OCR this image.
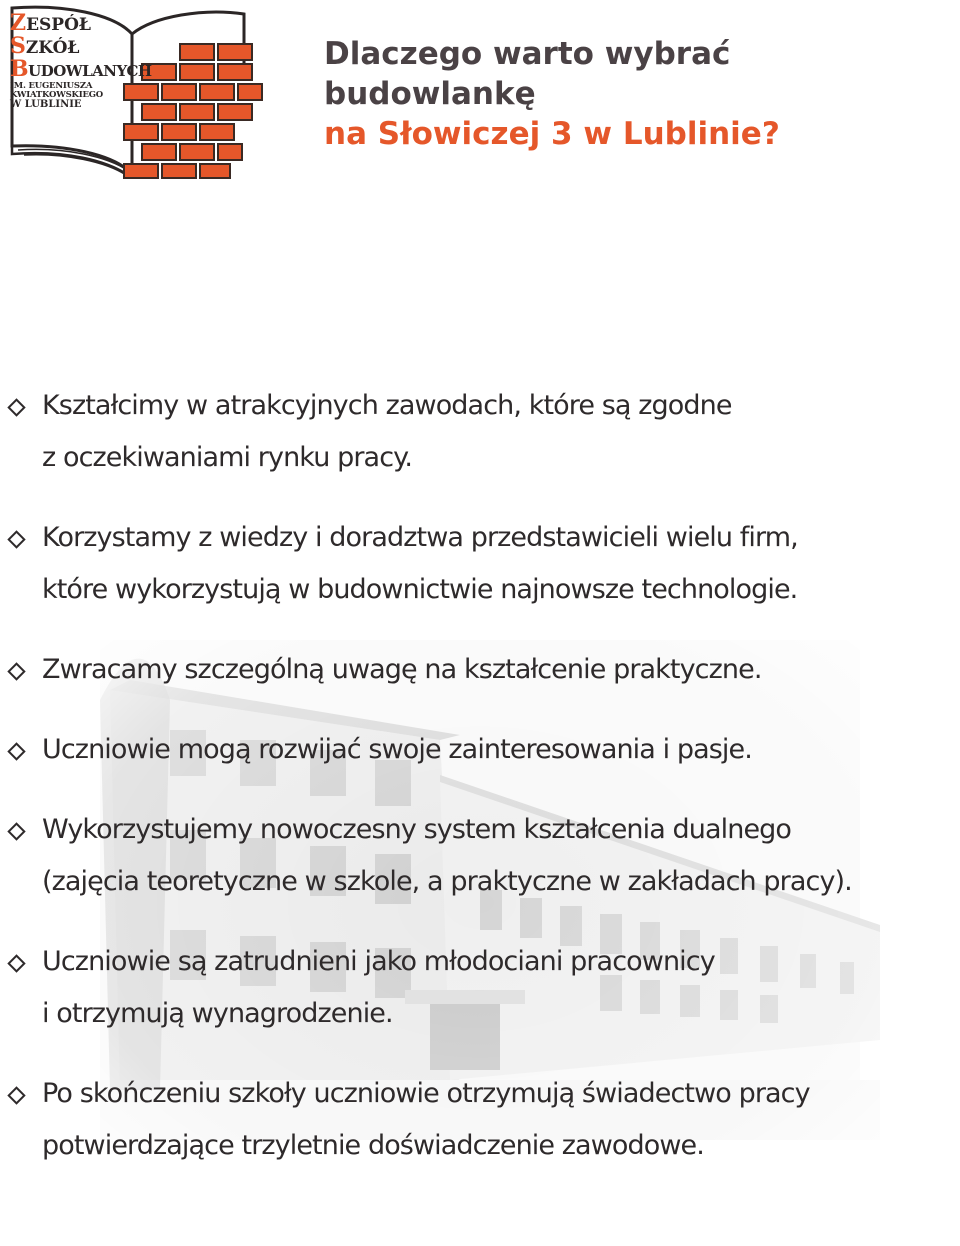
ZESPÓŁ
SZKÓŁ
BUDOWLANYCH
IM. EUGENIUSZA KWIATKOWSKIEGO
W LUBLINIE
Dlaczego warto wybrać
budowlankę
na Słowiczej 3 w Lublinie?
Kształcimy w atrakcyjnych zawodach, które są zgodne
z oczekiwaniami rynku pracy.
Korzystamy z wiedzy i doradztwa przedstawicieli wielu firm,
które wykorzystują w budownictwie najnowsze technologie.
Zwracamy szczególną uwagę na kształcenie praktyczne.
Uczniowie mogą rozwijać swoje zainteresowania i pasje.
Wykorzystujemy nowoczesny system kształcenia dualnego
(zajęcia teoretyczne w szkole, a praktyczne w zakładach pracy).
Uczniowie są zatrudnieni jako młodociani pracownicy
i otrzymują wynagrodzenie.
Po skończeniu szkoły uczniowie otrzymują świadectwo pracy
potwierdzające trzyletnie doświadczenie zawodowe.
